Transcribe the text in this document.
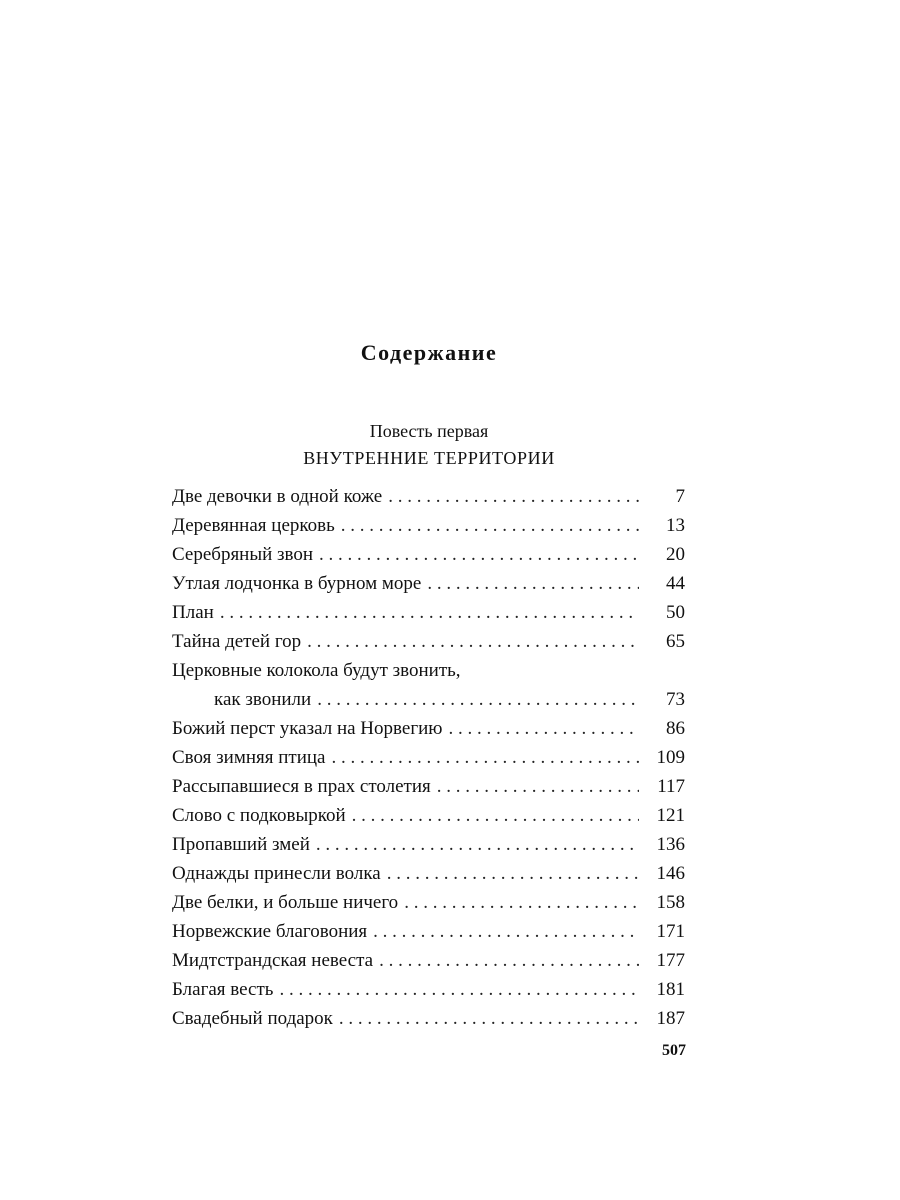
Содержание
Повесть первая
ВНУТРЕННИЕ ТЕРРИТОРИИ
Две девочки в одной коже . . .	7
Деревянная церковь . . .	13
Серебряный звон . . .	20
Утлая лодчонка в бурном море . . .	44
План . . .	50
Тайна детей гор . . .	65
Церковные колокола будут звонить,
как звонили . . .	73
Божий перст указал на Норвегию . . .	86
Своя зимняя птица . . .	109
Рассыпавшиеся в прах столетия . . .	117
Слово с подковыркой . . .	121
Пропавший змей . . .	136
Однажды принесли волка . . .	146
Две белки, и больше ничего . . .	158
Норвежские благовония . . .	171
Мидтстрандская невеста . . .	177
Благая весть . . .	181
Свадебный подарок . . .	187
507
